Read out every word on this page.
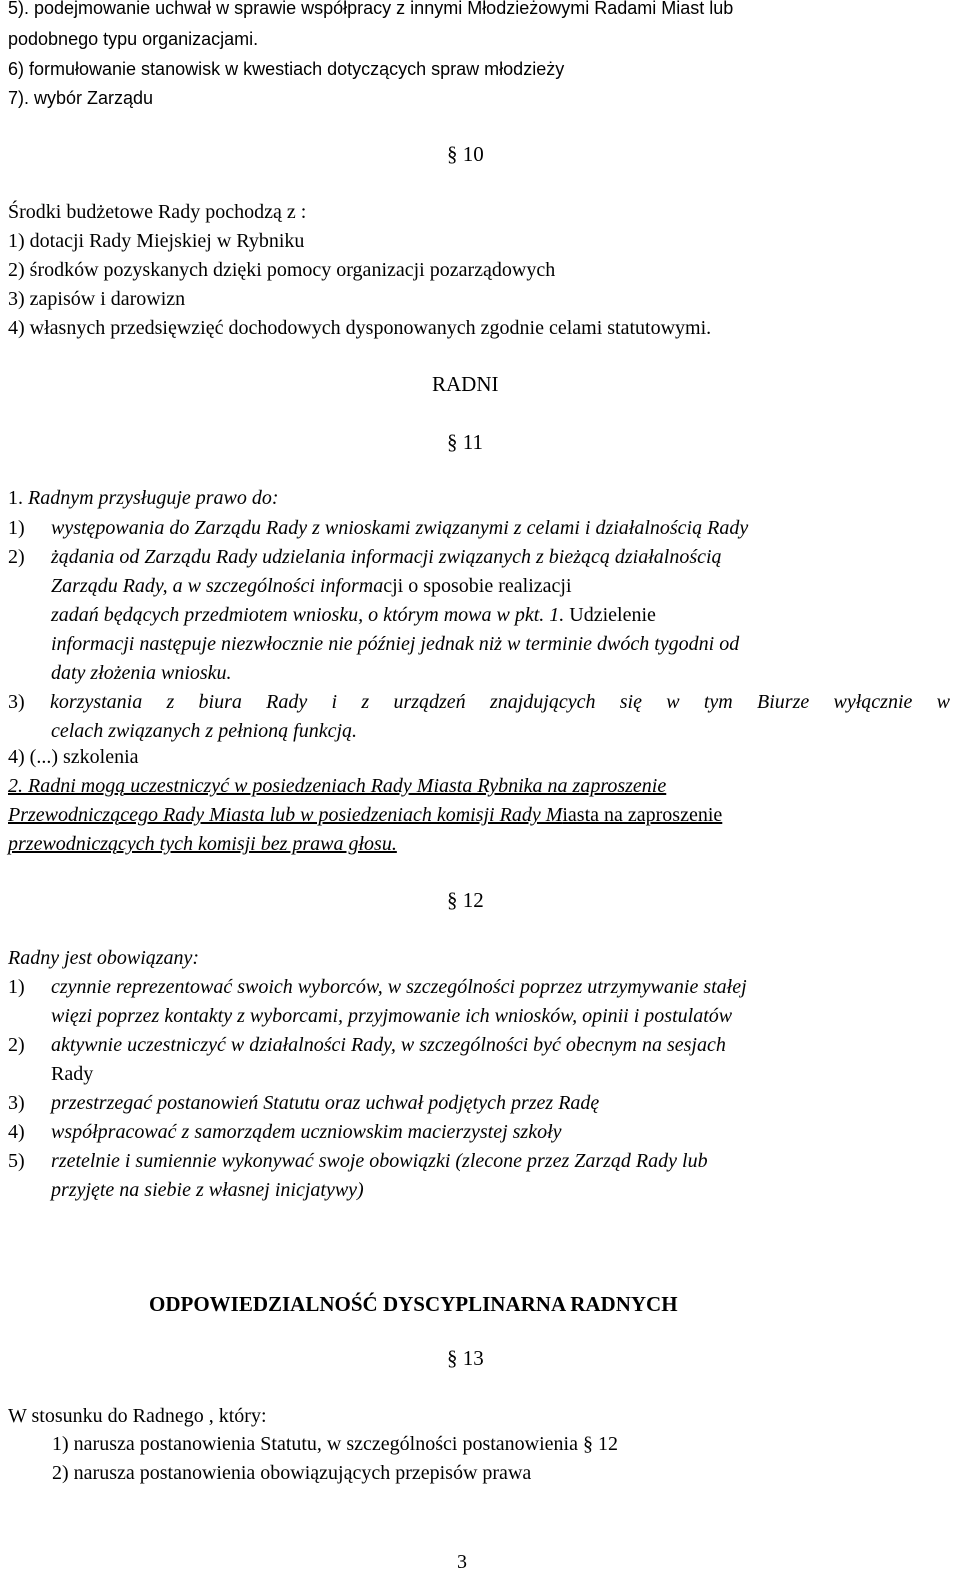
5). podejmowanie uchwał w sprawie współpracy z innymi Młodzieżowymi Radami Miast lub
podobnego typu organizacjami.
6) formułowanie stanowisk w kwestiach dotyczących spraw młodzieży
7). wybór Zarządu
§ 10
Środki budżetowe Rady pochodzą z :
1) dotacji Rady Miejskiej w Rybniku
2) środków pozyskanych dzięki pomocy organizacji pozarządowych
3) zapisów i darowizn
4) własnych przedsięwzięć dochodowych dysponowanych zgodnie celami statutowymi.
RADNI
§ 11
1. Radnym przysługuje prawo do:
1) występowania do Zarządu Rady z wnioskami związanymi z celami i działalnością Rady
2) żądania od Zarządu Rady udzielania informacji związanych z bieżącą działalnością
Zarządu Rady, a w szczególności informacji o sposobie realizacji
zadań będących przedmiotem wniosku, o którym mowa w pkt. 1. Udzielenie
informacji następuje niezwłocznie nie później jednak niż w terminie dwóch tygodni od
daty złożenia wniosku.
3)	korzystania z biura Rady i z urządzeń znajdujących się w tym Biurze wyłącznie w
celach związanych z pełnioną funkcją.
4) (...) szkolenia
2. Radni mogą uczestniczyć w posiedzeniach Rady Miasta Rybnika na zaproszenie
Przewodniczącego Rady Miasta lub w posiedzeniach komisji Rady Miasta na zaproszenie
przewodniczących tych komisji bez prawa głosu.
§ 12
Radny jest obowiązany:
1) czynnie reprezentować swoich wyborców, w szczególności poprzez utrzymywanie stałej
więzi poprzez kontakty z wyborcami, przyjmowanie ich wniosków, opinii i postulatów
2) aktywnie uczestniczyć w działalności Rady, w szczególności być obecnym na sesjach
Rady
3) przestrzegać postanowień Statutu oraz uchwał podjętych przez Radę
4) współpracować z samorządem uczniowskim macierzystej szkoły
5) rzetelnie i sumiennie wykonywać swoje obowiązki (zlecone przez Zarząd Rady lub
przyjęte na siebie z własnej inicjatywy)
ODPOWIEDZIALNOŚĆ DYSCYPLINARNA RADNYCH
§ 13
W stosunku do Radnego , który:
1) narusza postanowienia Statutu, w szczególności postanowienia § 12
2) narusza postanowienia obowiązujących przepisów prawa
3
